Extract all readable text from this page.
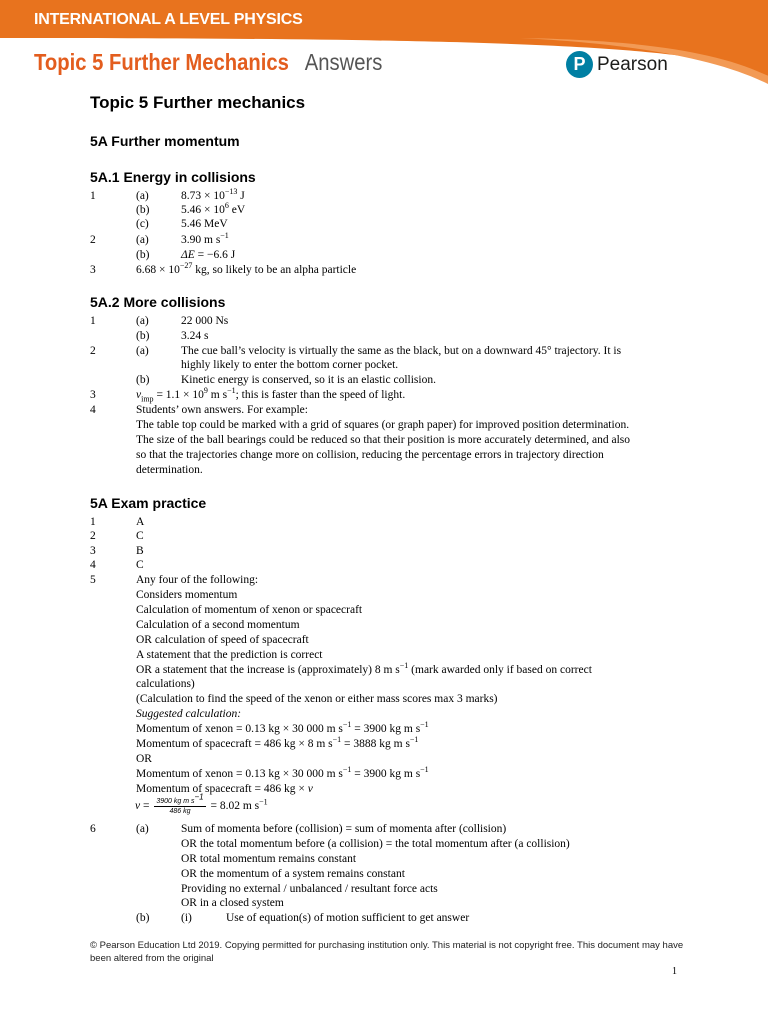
INTERNATIONAL A LEVEL PHYSICS
Topic 5 Further Mechanics Answers	P Pearson
Topic 5 Further mechanics
5A Further momentum
5A.1 Energy in collisions
1	(a)	$8.73 \times 10^{-13}$ J
(b)	$5.46 \times 10^6$ eV
(c)	5.46 MeV
2	(a)	3.90 m $s^{-1}$
(b)	ΔE = −6.6 J
3	$6.68 \times 10^{-27}$ kg, so likely to be an alpha particle
5A.2 More collisions
1	(a)	22 000 Ns
(b)	3.24 s
2	(a)	The cue ball’s velocity is virtually the same as the black, but on a downward 45° trajectory. It is
highly likely to enter the bottom corner pocket.
(b)	Kinetic energy is conserved, so it is an elastic collision.
3	$v_{imp} = 1.1 \times 10^9$ m $s^{-1}$; this is faster than the speed of light.
4	Students’ own answers. For example:
The table top could be marked with a grid of squares (or graph paper) for improved position determination.
The size of the ball bearings could be reduced so that their position is more accurately determined, and also
so that the trajectories change more on collision, reducing the percentage errors in trajectory direction
determination.
5A Exam practice
1	A
2	C
3	B
4	C
5	Any four of the following:
Considers momentum
Calculation of momentum of xenon or spacecraft
Calculation of a second momentum
OR calculation of speed of spacecraft
A statement that the prediction is correct
OR a statement that the increase is (approximately) 8 m $s^{-1}$ (mark awarded only if based on correct
calculations)
(Calculation to find the speed of the xenon or either mass scores max 3 marks)
Suggested calculation:
Momentum of xenon = 0.13 kg × 30 000 m $s^{-1} = 3900$ kg m $s^{-1}$
Momentum of spacecraft = 486 kg × 8 m $s^{-1} = 3888$ kg m $s^{-1}$
OR
Momentum of xenon = 0.13 kg × 30 000 m $s^{-1} = 3900$ kg m $s^{-1}$
Momentum of spacecraft = 486 kg × v
$v = \frac{3900 kg m s^{-1}}{486 kg} = 8.02$ m $s^{-1}$
6	(a)	Sum of momenta before (collision) = sum of momenta after (collision)
OR the total momentum before (a collision) = the total momentum after (a collision)
OR total momentum remains constant
OR the momentum of a system remains constant
Providing no external / unbalanced / resultant force acts
OR in a closed system
(b)	(i)	Use of equation(s) of motion sufficient to get answer
© Pearson Education Ltd 2019. Copying permitted for purchasing institution only. This material is not copyright free. This document may have been altered from the original
1
